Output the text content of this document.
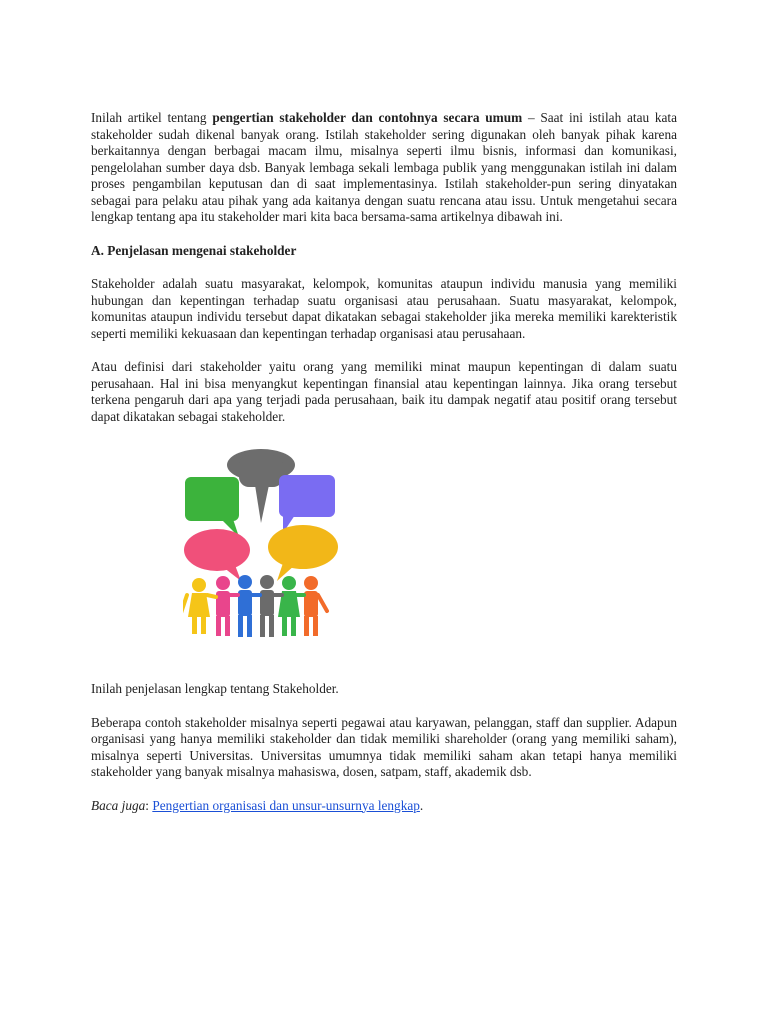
Inilah artikel tentang pengertian stakeholder dan contohnya secara umum – Saat ini istilah atau kata stakeholder sudah dikenal banyak orang. Istilah stakeholder sering digunakan oleh banyak pihak karena berkaitannya dengan berbagai macam ilmu, misalnya seperti ilmu bisnis, informasi dan komunikasi, pengelolahan sumber daya dsb. Banyak lembaga sekali lembaga publik yang menggunakan istilah ini dalam proses pengambilan keputusan dan di saat implementasinya. Istilah stakeholder-pun sering dinyatakan sebagai para pelaku atau pihak yang ada kaitanya dengan suatu rencana atau issu. Untuk mengetahui secara lengkap tentang apa itu stakeholder mari kita baca bersama-sama artikelnya dibawah ini.

A. Penjelasan mengenai stakeholder

Stakeholder adalah suatu masyarakat, kelompok, komunitas ataupun individu manusia yang memiliki hubungan dan kepentingan terhadap suatu organisasi atau perusahaan. Suatu masyarakat, kelompok, komunitas ataupun individu tersebut dapat dikatakan sebagai stakeholder jika mereka memiliki karekteristik seperti memiliki kekuasaan dan kepentingan terhadap organisasi atau perusahaan.

Atau definisi dari stakeholder yaitu orang yang memiliki minat maupun kepentingan di dalam suatu perusahaan. Hal ini bisa menyangkut kepentingan finansial atau kepentingan lainnya. Jika orang tersebut terkena pengaruh dari apa yang terjadi pada perusahaan, baik itu dampak negatif atau positif orang tersebut dapat dikatakan sebagai stakeholder.

Inilah penjelasan lengkap tentang Stakeholder.

Beberapa contoh stakeholder misalnya seperti pegawai atau karyawan, pelanggan, staff dan supplier. Adapun organisasi yang hanya memiliki stakeholder dan tidak memiliki shareholder (orang yang memiliki saham), misalnya seperti Universitas. Universitas umumnya tidak memiliki saham akan tetapi hanya memiliki stakeholder yang banyak misalnya mahasiswa, dosen, satpam, staff, akademik dsb.

Baca juga: Pengertian organisasi dan unsur-unsurnya lengkap.
